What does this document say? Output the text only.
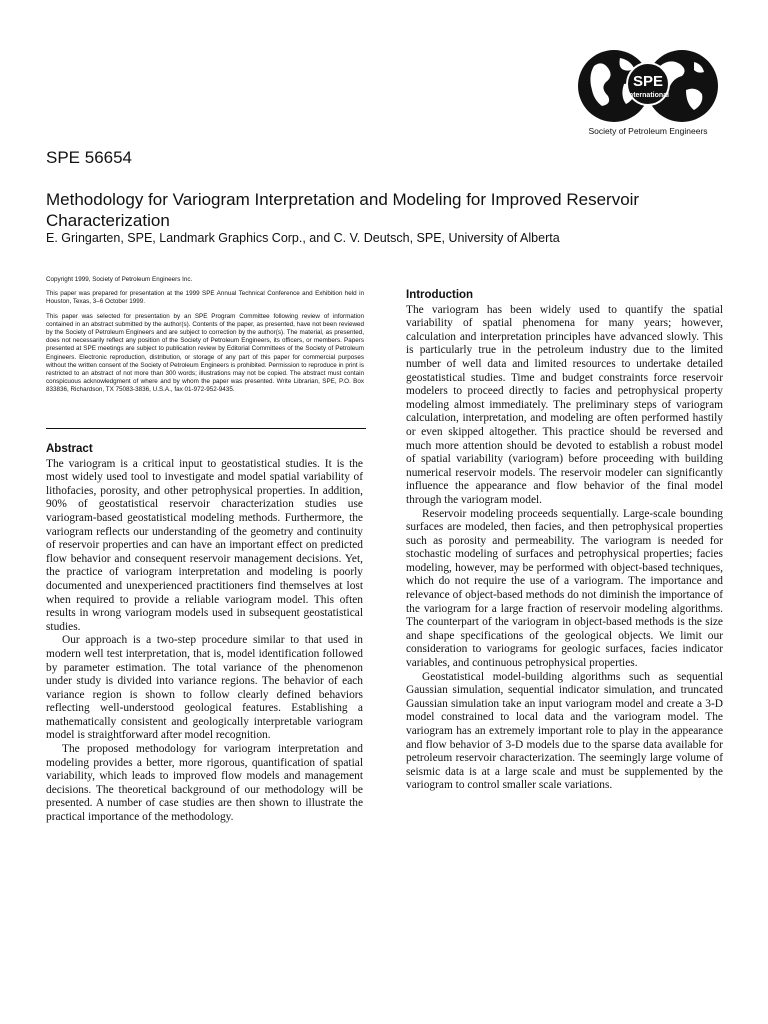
SPE
International
Society of Petroleum Engineers
SPE 56654
Methodology for Variogram Interpretation and Modeling for Improved Reservoir Characterization
E. Gringarten, SPE, Landmark Graphics Corp., and C. V. Deutsch, SPE, University of Alberta

Copyright 1999, Society of Petroleum Engineers Inc.

This paper was prepared for presentation at the 1999 SPE Annual Technical Conference and Exhibition held in Houston, Texas, 3–6 October 1999.

This paper was selected for presentation by an SPE Program Committee following review of information contained in an abstract submitted by the author(s). Contents of the paper, as presented, have not been reviewed by the Society of Petroleum Engineers and are subject to correction by the author(s). The material, as presented, does not necessarily reflect any position of the Society of Petroleum Engineers, its officers, or members. Papers presented at SPE meetings are subject to publication review by Editorial Committees of the Society of Petroleum Engineers. Electronic reproduction, distribution, or storage of any part of this paper for commercial purposes without the written consent of the Society of Petroleum Engineers is prohibited. Permission to reproduce in print is restricted to an abstract of not more than 300 words; illustrations may not be copied. The abstract must contain conspicuous acknowledgment of where and by whom the paper was presented. Write Librarian, SPE, P.O. Box 833836, Richardson, TX 75083-3836, U.S.A., fax 01-972-952-9435.

Abstract

The variogram is a critical input to geostatistical studies. It is the most widely used tool to investigate and model spatial variability of lithofacies, porosity, and other petrophysical properties. In addition, 90% of geostatistical reservoir characterization studies use variogram-based geostatistical modeling methods. Furthermore, the variogram reflects our understanding of the geometry and continuity of reservoir properties and can have an important effect on predicted flow behavior and consequent reservoir management decisions. Yet, the practice of variogram interpretation and modeling is poorly documented and unexperienced practitioners find themselves at lost when required to provide a reliable variogram model. This often results in wrong variogram models used in subsequent geostatistical studies.

Our approach is a two-step procedure similar to that used in modern well test interpretation, that is, model identification followed by parameter estimation. The total variance of the phenomenon under study is divided into variance regions. The behavior of each variance region is shown to follow clearly defined behaviors reflecting well-understood geological features. Establishing a mathematically consistent and geologically interpretable variogram model is straightforward after model recognition.

The proposed methodology for variogram interpretation and modeling provides a better, more rigorous, quantification of spatial variability, which leads to improved flow models and management decisions. The theoretical background of our methodology will be presented. A number of case studies are then shown to illustrate the practical importance of the methodology.

Introduction

The variogram has been widely used to quantify the spatial variability of spatial phenomena for many years; however, calculation and interpretation principles have advanced slowly. This is particularly true in the petroleum industry due to the limited number of well data and limited resources to undertake detailed geostatistical studies. Time and budget constraints force reservoir modelers to proceed directly to facies and petrophysical property modeling almost immediately. The preliminary steps of variogram calculation, interpretation, and modeling are often performed hastily or even skipped altogether. This practice should be reversed and much more attention should be devoted to establish a robust model of spatial variability (variogram) before proceeding with building numerical reservoir models. The reservoir modeler can significantly influence the appearance and flow behavior of the final model through the variogram model.

Reservoir modeling proceeds sequentially. Large-scale bounding surfaces are modeled, then facies, and then petrophysical properties such as porosity and permeability. The variogram is needed for stochastic modeling of surfaces and petrophysical properties; facies modeling, however, may be performed with object-based techniques, which do not require the use of a variogram. The importance and relevance of object-based methods do not diminish the importance of the variogram for a large fraction of reservoir modeling algorithms. The counterpart of the variogram in object-based methods is the size and shape specifications of the geological objects. We limit our consideration to variograms for geologic surfaces, facies indicator variables, and continuous petrophysical properties.

Geostatistical model-building algorithms such as sequential Gaussian simulation, sequential indicator simulation, and truncated Gaussian simulation take an input variogram model and create a 3-D model constrained to local data and the variogram model. The variogram has an extremely important role to play in the appearance and flow behavior of 3-D models due to the sparse data available for petroleum reservoir characterization. The seemingly large volume of seismic data is at a large scale and must be supplemented by the variogram to control smaller scale variations.
